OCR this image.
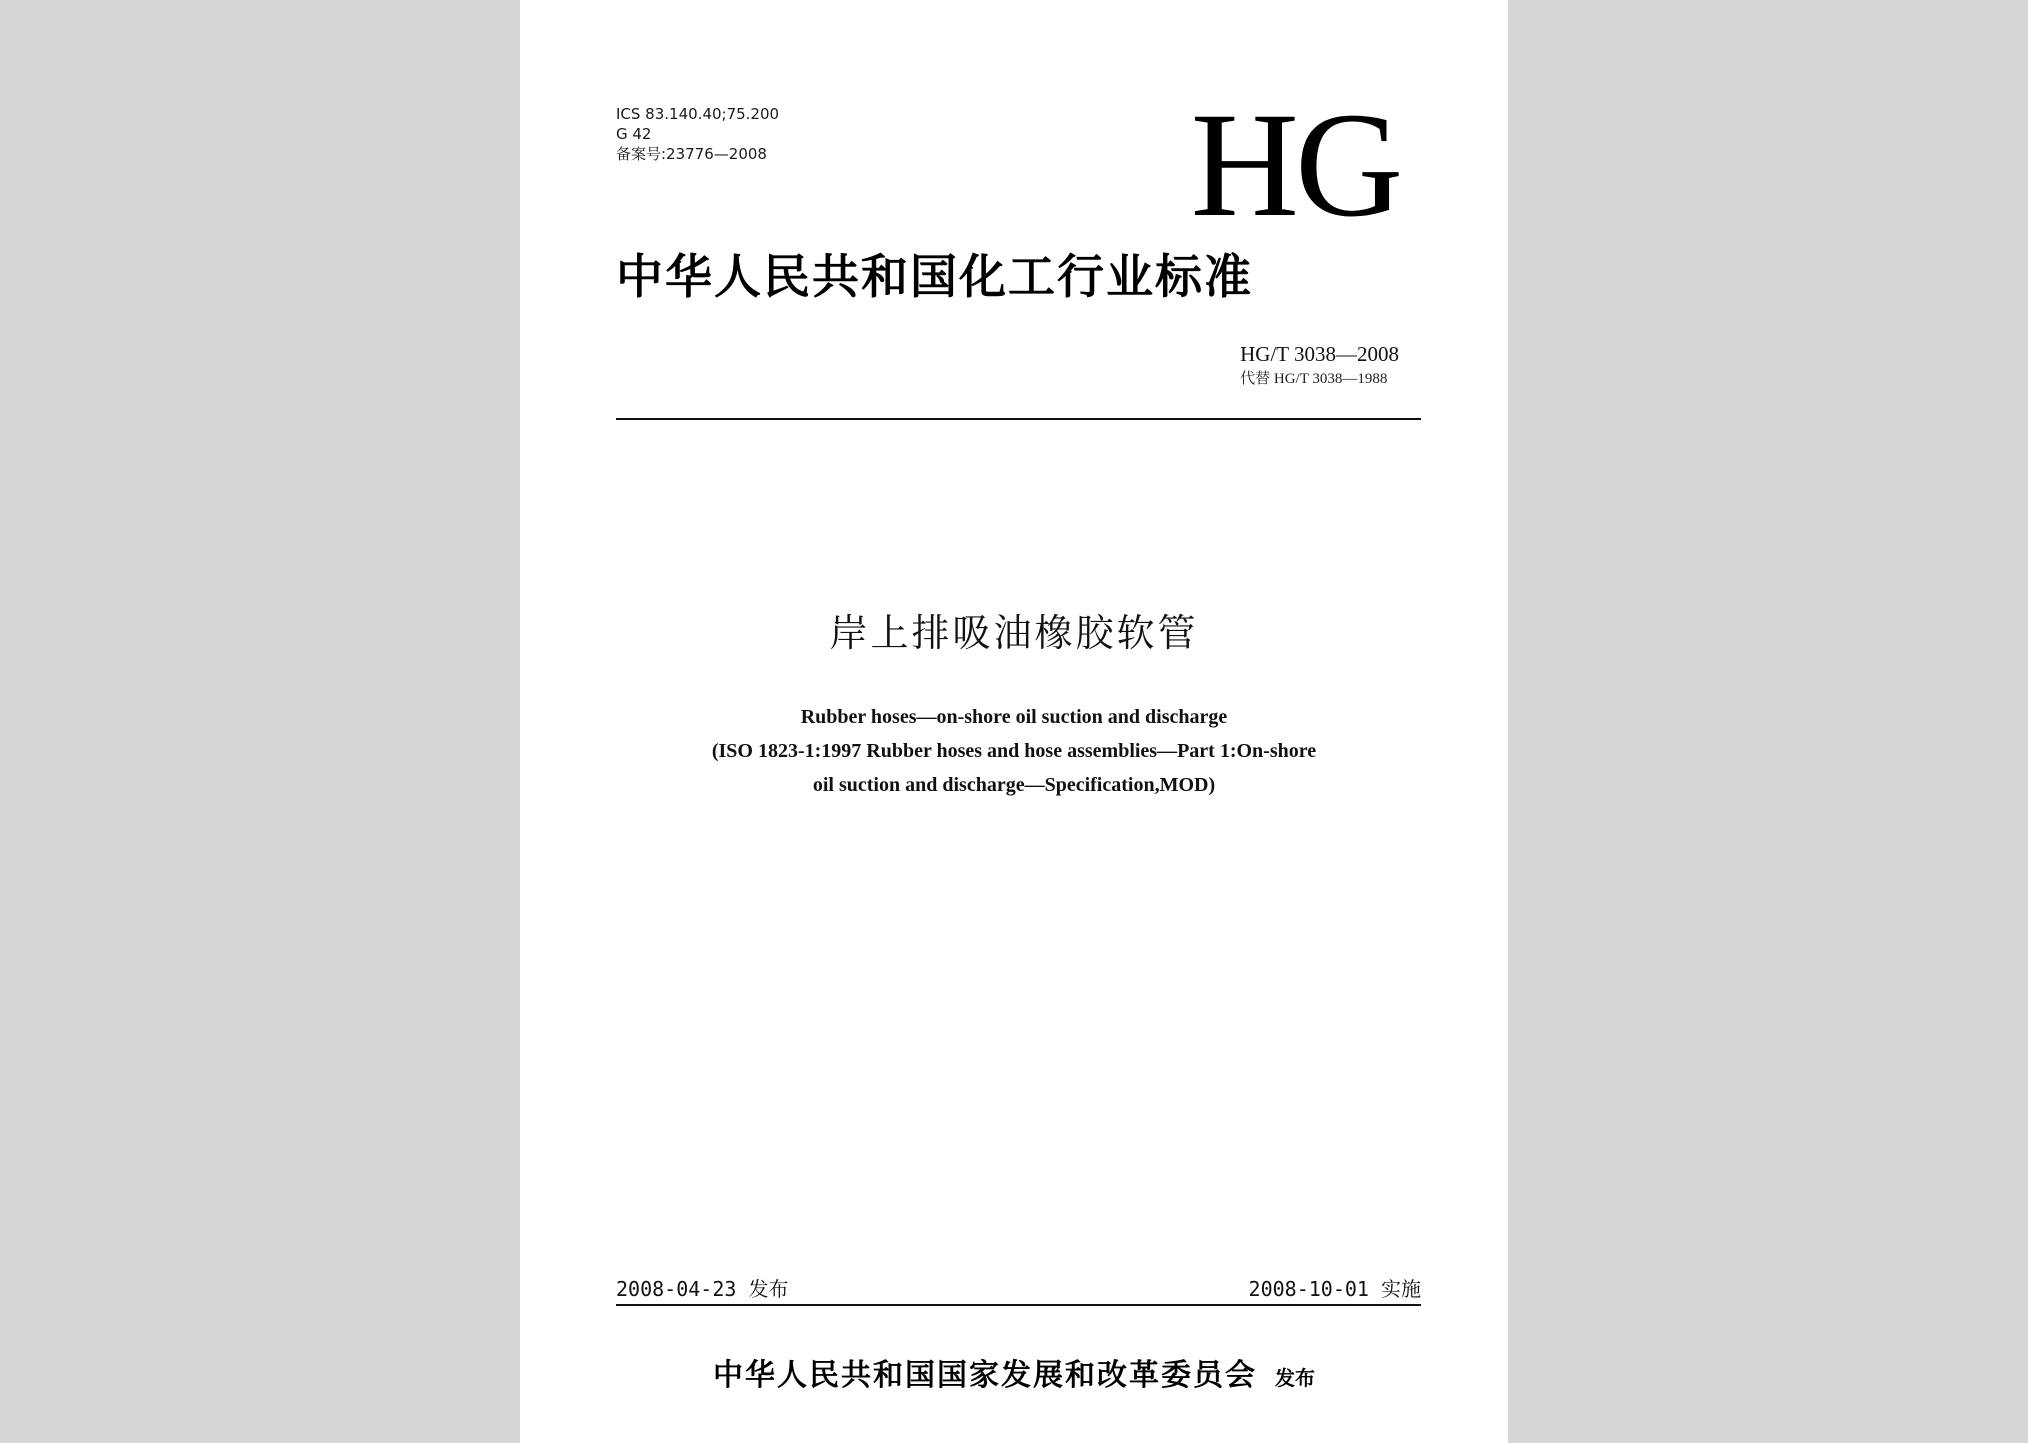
ICS 83.140.40;75.200
G 42
备案号:23776—2008	HG
中华人民共和国化工行业标准
HG/T 3038—2008
代替 HG/T 3038—1988
岸上排吸油橡胶软管
Rubber hoses—on-shore oil suction and discharge
(ISO 1823-1:1997 Rubber hoses and hose assemblies—Part 1:On-shore
oil suction and discharge—Specification,MOD)
2008-04-23 发布	2008-10-01 实施
中华人民共和国国家发展和改革委员会 发布
